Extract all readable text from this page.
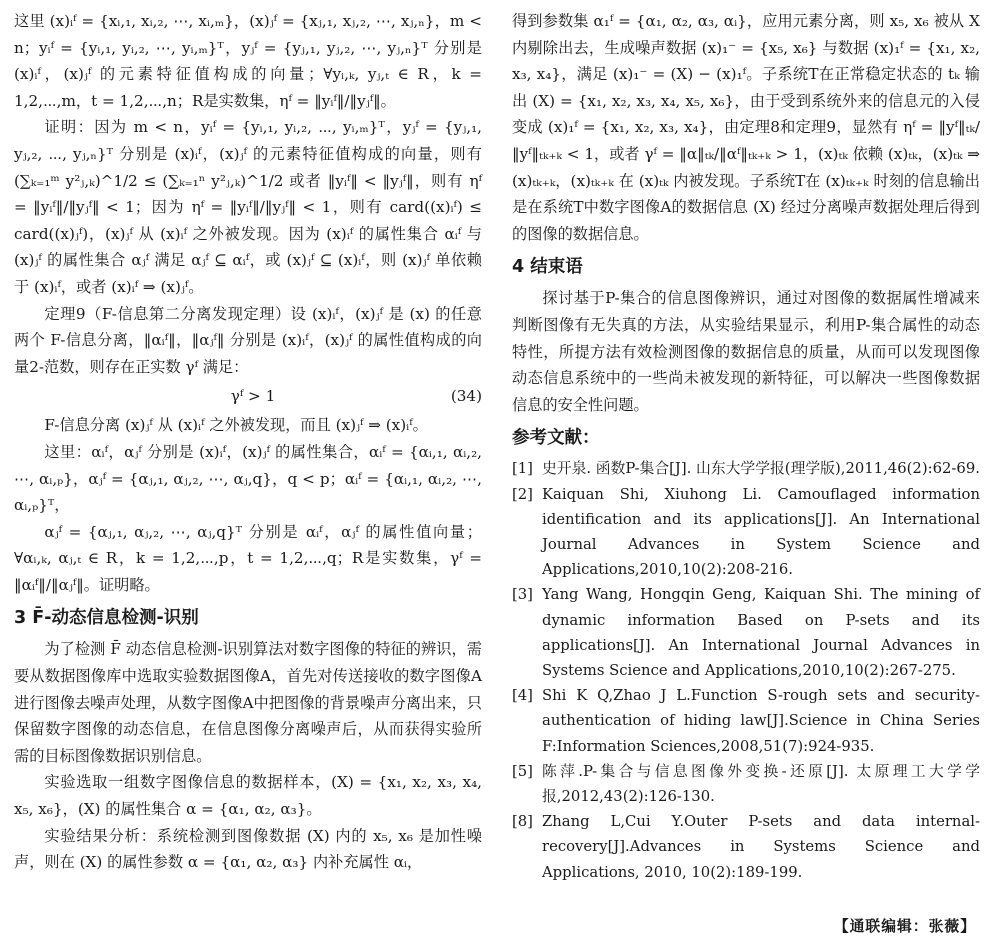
这里 (x)ᵢᶠ = {xᵢ,₁, xᵢ,₂, ⋯, xᵢ,ₘ}，(x)ⱼᶠ = {xⱼ,₁, xⱼ,₂, ⋯, xⱼ,ₙ}，m < n；yᵢᶠ = {yᵢ,₁, yᵢ,₂, ⋯, yᵢ,ₘ}ᵀ，yⱼᶠ = {yⱼ,₁, yⱼ,₂, ⋯, yⱼ,ₙ}ᵀ 分别是 (x)ᵢᶠ，(x)ⱼᶠ 的元素特征值构成的向量；∀yᵢ,ₖ, yⱼ,ₜ ∈ R，k = 1,2,⋯,m，t = 1,2,⋯,n；R是实数集，ηᶠ = ‖yᵢᶠ‖/‖yⱼᶠ‖。

证明：因为 m < n，yᵢᶠ = {yᵢ,₁, yᵢ,₂, ⋯, yᵢ,ₘ}ᵀ，yⱼᶠ = {yⱼ,₁, yⱼ,₂, ⋯, yⱼ,ₙ}ᵀ 分别是 (x)ᵢᶠ，(x)ⱼᶠ 的元素特征值构成的向量，则有 (∑ₖ₌₁ᵐ y²ⱼ,ₖ)^1/2 ≤ (∑ₖ₌₁ⁿ y²ⱼ,ₖ)^1/2 或者 ‖yᵢᶠ‖ < ‖yⱼᶠ‖，则有 ηᶠ = ‖yᵢᶠ‖/‖yⱼᶠ‖ < 1；因为 ηᶠ = ‖yᵢᶠ‖/‖yⱼᶠ‖ < 1，则有 card((x)ᵢᶠ) ≤ card((x)ⱼᶠ)，(x)ⱼᶠ 从 (x)ᵢᶠ 之外被发现。因为 (x)ᵢᶠ 的属性集合 αᵢᶠ 与 (x)ⱼᶠ 的属性集合 αⱼᶠ 满足 αⱼᶠ ⊆ αᵢᶠ，或 (x)ⱼᶠ ⊆ (x)ᵢᶠ，则 (x)ⱼᶠ 单依赖于 (x)ᵢᶠ，或者 (x)ᵢᶠ ⇒ (x)ⱼᶠ。

定理9（F-信息第二分离发现定理）设 (x)ᵢᶠ，(x)ⱼᶠ 是 (x) 的任意两个 F-信息分离，‖αᵢᶠ‖，‖αⱼᶠ‖ 分别是 (x)ᵢᶠ，(x)ⱼᶠ 的属性值构成的向量2-范数，则存在正实数 γᶠ 满足：

γᶠ > 1	(34)

F-信息分离 (x)ⱼᶠ 从 (x)ᵢᶠ 之外被发现，而且 (x)ⱼᶠ ⇒ (x)ᵢᶠ。

这里：αᵢᶠ，αⱼᶠ 分别是 (x)ᵢᶠ，(x)ⱼᶠ 的属性集合，αᵢᶠ = {αᵢ,₁, αᵢ,₂, ⋯, αᵢ,ₚ}，αⱼᶠ = {αⱼ,₁, αⱼ,₂, ⋯, αⱼ,q}，q < p；αᵢᶠ = {αᵢ,₁, αᵢ,₂, ⋯, αᵢ,ₚ}ᵀ，

αⱼᶠ = {αⱼ,₁, αⱼ,₂, ⋯, αⱼ,q}ᵀ 分别是 αᵢᶠ，αⱼᶠ 的属性值向量；∀αᵢ,ₖ, αⱼ,ₜ ∈ R，k = 1,2,⋯,p，t = 1,2,⋯,q；R是实数集，γᶠ = ‖αᵢᶠ‖/‖αⱼᶠ‖。证明略。

3 F̄-动态信息检测-识别

为了检测 F̄ 动态信息检测-识别算法对数字图像的特征的辨识，需要从数据图像库中选取实验数据图像A，首先对传送接收的数字图像A进行图像去噪声处理，从数字图像A中把图像的背景噪声分离出来，只保留数字图像的动态信息，在信息图像分离噪声后，从而获得实验所需的目标图像数据识别信息。

实验选取一组数字图像信息的数据样本，(X) = {x₁, x₂, x₃, x₄, x₅, x₆}，(X) 的属性集合 α = {α₁, α₂, α₃}。

实验结果分析：系统检测到图像数据 (X) 内的 x₅, x₆ 是加性噪声，则在 (X) 的属性参数 α = {α₁, α₂, α₃} 内补充属性 αᵢ，

得到参数集 α₁ᶠ = {α₁, α₂, α₃, αᵢ}，应用元素分离，则 x₅, x₆ 被从 X 内剔除出去，生成噪声数据 (x)₁⁻ = {x₅, x₆} 与数据 (x)₁ᶠ = {x₁, x₂, x₃, x₄}，满足 (x)₁⁻ = (X) − (x)₁ᶠ。子系统T在正常稳定状态的 tₖ 输出 (X) = {x₁, x₂, x₃, x₄, x₅, x₆}，由于受到系统外来的信息元的入侵变成 (x)₁ᶠ = {x₁, x₂, x₃, x₄}，由定理8和定理9，显然有 ηᶠ = ‖yᶠ‖ₜₖ/‖yᶠ‖ₜₖ₊ₖ < 1，或者 γᶠ = ‖α‖ₜₖ/‖αᶠ‖ₜₖ₊ₖ > 1，(x)ₜₖ 依赖 (x)ₜₖ，(x)ₜₖ ⇒ (x)ₜₖ₊ₖ，(x)ₜₖ₊ₖ 在 (x)ₜₖ 内被发现。子系统T在 (x)ₜₖ₊ₖ 时刻的信息输出是在系统T中数字图像A的数据信息 (X) 经过分离噪声数据处理后得到的图像的数据信息。

4 结束语

探讨基于P-集合的信息图像辨识，通过对图像的数据属性增减来判断图像有无失真的方法，从实验结果显示，利用P-集合属性的动态特性，所提方法有效检测图像的数据信息的质量，从而可以发现图像动态信息系统中的一些尚未被发现的新特征，可以解决一些图像数据信息的安全性问题。

参考文献：
[1] 史开泉. 函数P-集合[J]. 山东大学学报(理学版),2011,46(2):62-69.
[2] Kaiquan Shi, Xiuhong Li. Camouflaged information identification and its applications[J]. An International Journal Advances in System Science and Applications,2010,10(2):208-216.
[3] Yang Wang, Hongqin Geng, Kaiquan Shi. The mining of dynamic information Based on P-sets and its applications[J]. An International Journal Advances in Systems Science and Applications,2010,10(2):267-275.
[4] Shi K Q,Zhao J L.Function S-rough sets and security-authentication of hiding law[J].Science in China Series F:Information Sciences,2008,51(7):924-935.
[5] 陈萍.P-集合与信息图像外变换-还原[J]. 太原理工大学学报,2012,43(2):126-130.
[8] Zhang L,Cui Y.Outer P-sets and data internal-recovery[J].Advances in Systems Science and Applications, 2010, 10(2):189-199.
【通联编辑：张薇】
